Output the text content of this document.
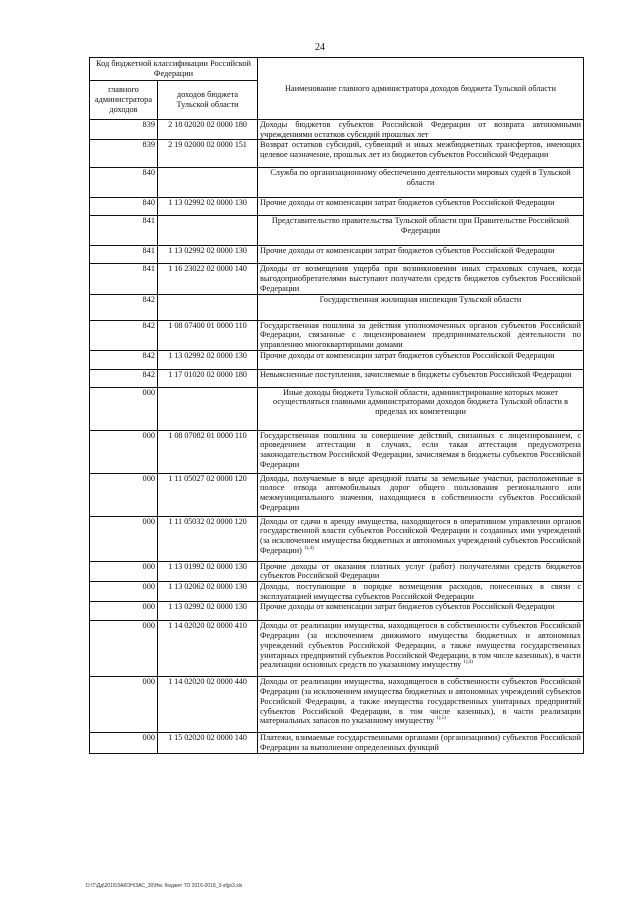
24
Код бюджетной классификации Российской Федерации		Наименование главного администратора доходов бюджета Тульской области
главного администратора доходов	доходов бюджета Тульской области	
839	2 18 02020 02 0000 180	Доходы бюджетов субъектов Российской Федерации от возврата автономными учреждениями остатков субсидий прошлых лет
839	2 19 02000 02 0000 151	Возврат остатков субсидий, субвенций и иных межбюджетных трансфертов, имеющих целевое назначение, прошлых лет из бюджетов субъектов Российской Федерации
840		Служба по организационному обеспечению деятельности мировых судей в Тульской области
840	1 13 02992 02 0000 130	Прочие доходы от компенсации затрат бюджетов субъектов Российской Федерации
841		Представительство правительства Тульской области при Правительстве Российской Федерации
841	1 13 02992 02 0000 130	Прочие доходы от компенсации затрат бюджетов субъектов Российской Федерации
841	1 16 23022 02 0000 140	Доходы от возмещения ущерба при возникновении иных страховых случаев, когда выгодоприобретателями выступают получатели средств бюджетов субъектов Российской Федерации
842		Государственная жилищная инспекция Тульской области
842	1 08 07400 01 0000 110	Государственная пошлина за действия уполномоченных органов субъектов Российской Федерации, связанные с лицензированием предпринимательской деятельности по управлению многоквартирными домами
842	1 13 02992 02 0000 130	Прочие доходы от компенсации затрат бюджетов субъектов Российской Федерации
842	1 17 01020 02 0000 180	Невыясненные поступления, зачисляемые в бюджеты субъектов Российской Федерации
000		Иные доходы бюджета Тульской области, администрирование которых может осуществляться главными администраторами доходов бюджета Тульской области в пределах их компетенции
000	1 08 07082 01 0000 110	Государственная пошлина за совершение действий, связанных с лицензированием, с проведением аттестации в случаях, если такая аттестация предусмотрена законодательством Российской Федерации, зачисляемая в бюджеты субъектов Российской Федерации
000	1 11 05027 02 0000 120	Доходы, получаемые в виде арендной платы за земельные участки, расположенные в полосе отвода автомобильных дорог общего пользования регионального или межмуниципального значения, находящиеся в собственности субъектов Российской Федерации
000	1 11 05032 02 0000 120	Доходы от сдачи в аренду имущества, находящегося в оперативном управлении органов государственной власти субъектов Российской Федерации и созданных ими учреждений (за исключением имущества бюджетных и автономных учреждений субъектов Российской Федерации) $^{1),4)}$
000	1 13 01992 02 0000 130	Прочие доходы от оказания платных услуг (работ) получателями средств бюджетов субъектов Российской Федерации
000	1 13 02062 02 0000 130	Доходы, поступающие в порядке возмещения расходов, понесенных в связи с эксплуатацией имущества субъектов Российской Федерации
000	1 13 02992 02 0000 130	Прочие доходы от компенсации затрат бюджетов субъектов Российской Федерации
000	1 14 02020 02 0000 410	Доходы от реализации имущества, находящегося в собственности субъектов Российской Федерации (за исключением движимого имущества бюджетных и автономных учреждений субъектов Российской Федерации, а также имущества государственных унитарных предприятий субъектов Российской Федерации, в том числе казенных), в части реализации основных средств по указанному имуществу $^{1),4)}$
000	1 14 02020 02 0000 440	Доходы от реализации имущества, находящегося в собственности субъектов Российской Федерации (за исключением имущества бюджетных и автономных учреждений субъектов Российской Федерации, а также имущества государственных унитарных предприятий субъектов Российской Федерации, в том числе казенных), в части реализации материальных запасов по указанному имуществу $^{1),5)}$
000	1 15 02020 02 0000 140	Платежи, взимаемые государственными органами (организациями) субъектов Российской Федерации за выполнение определенных функций
D:\Т\Дд\2016\ЗАКОН\ЗАС_30\Нм. бюджет ТО 2016-2018_3-sfgx3.xls
